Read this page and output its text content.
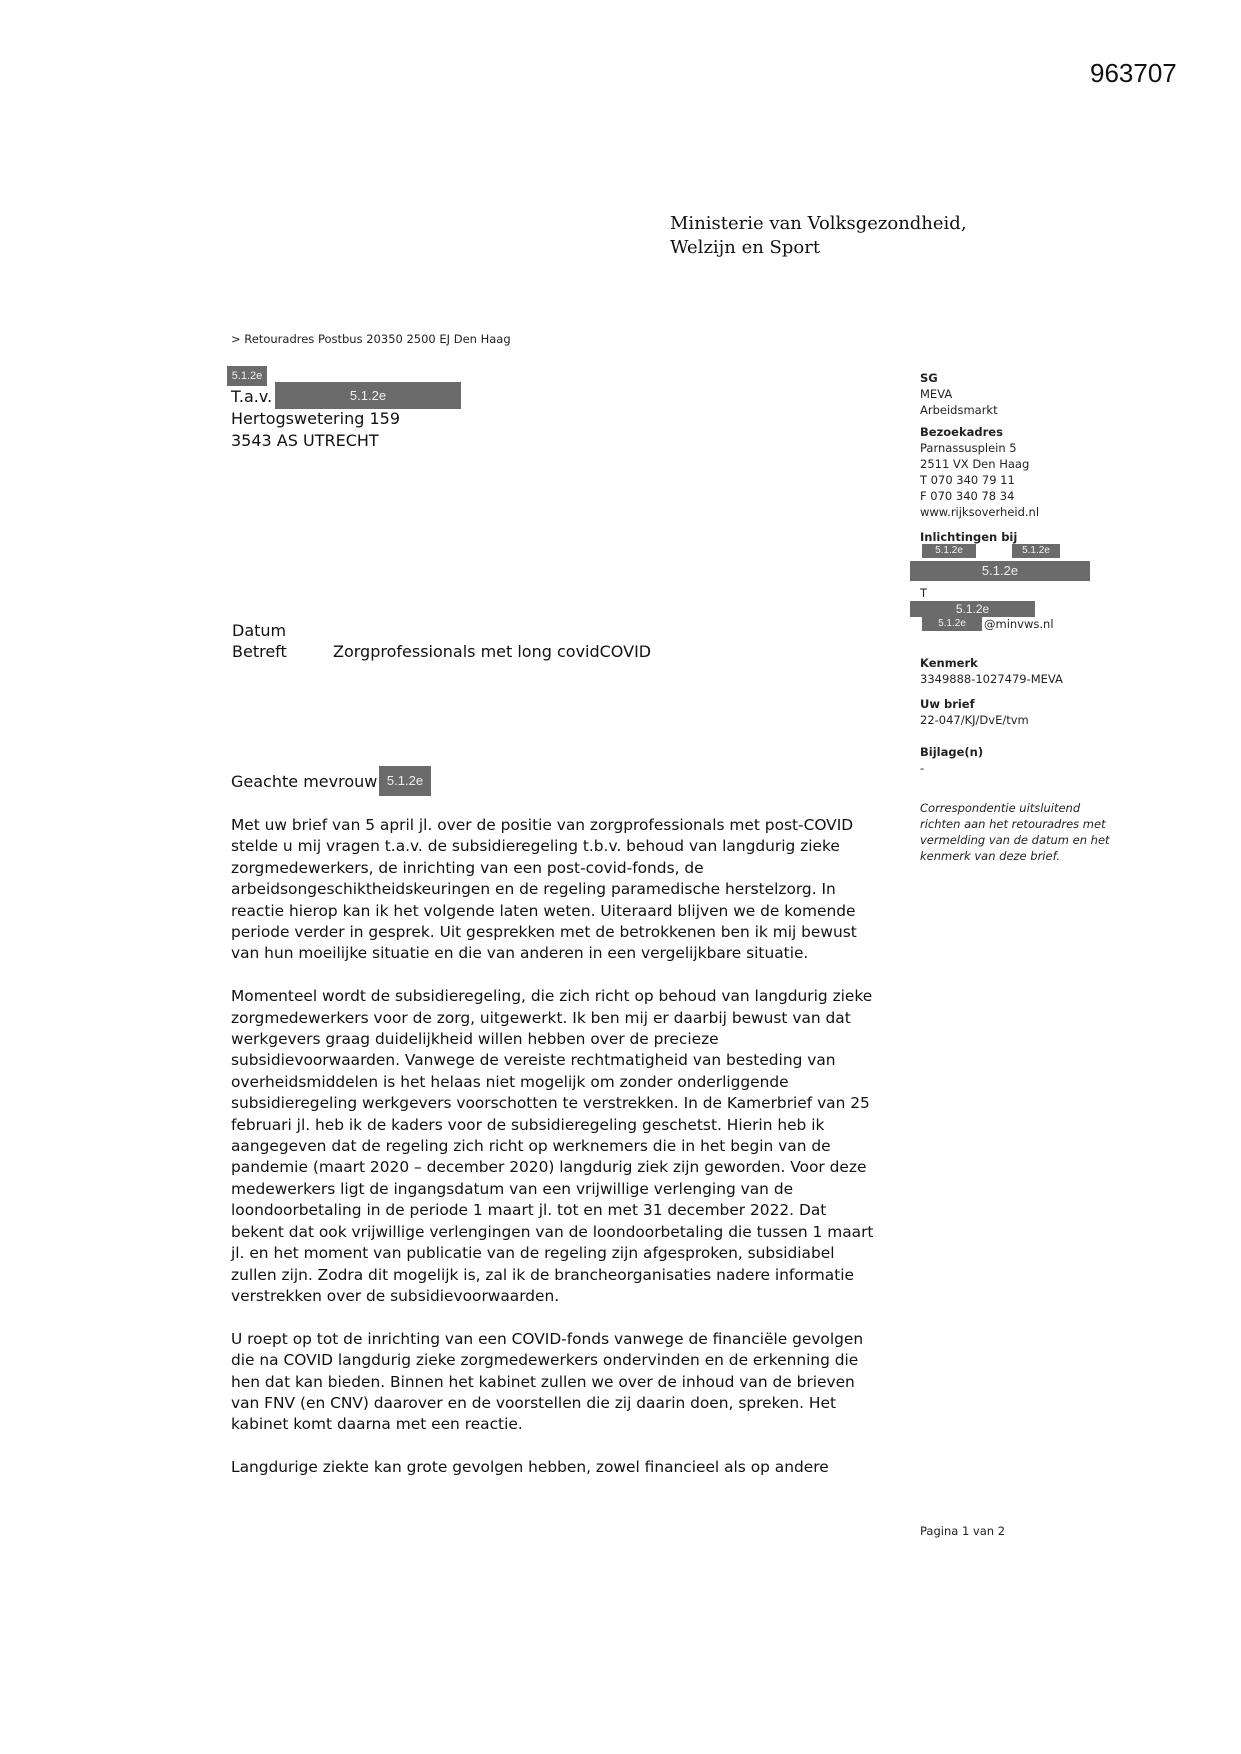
963707
Ministerie van Volksgezondheid,
Welzijn en Sport
> Retouradres Postbus 20350 2500 EJ Den Haag
5.1.2e
T.a.v.	5.1.2e
Hertogswetering 159
3543 AS UTRECHT
SG
MEVA
Arbeidsmarkt
Bezoekadres
Parnassusplein 5
2511 VX Den Haag
T 070 340 79 11
F 070 340 78 34
www.rijksoverheid.nl
Inlichtingen bij
5.1.2e	5.1.2e
5.1.2e
T
5.1.2e
5.1.2e	@minvws.nl
Kenmerk
3349888-1027479-MEVA
Uw brief
22-047/KJ/DvE/tvm
Bijlage(n)
-
Correspondentie uitsluitend richten aan het retouradres met vermelding van de datum en het kenmerk van deze brief.
Datum
Betreft	Zorgprofessionals met long covidCOVID
Geachte mevrouw 5.1.2e

Met uw brief van 5 april jl. over de positie van zorgprofessionals met post-COVID
stelde u mij vragen t.a.v. de subsidieregeling t.b.v. behoud van langdurig zieke
zorgmedewerkers, de inrichting van een post-covid-fonds, de
arbeidsongeschiktheidskeuringen en de regeling paramedische herstelzorg. In
reactie hierop kan ik het volgende laten weten. Uiteraard blijven we de komende
periode verder in gesprek. Uit gesprekken met de betrokkenen ben ik mij bewust
van hun moeilijke situatie en die van anderen in een vergelijkbare situatie.

Momenteel wordt de subsidieregeling, die zich richt op behoud van langdurig zieke
zorgmedewerkers voor de zorg, uitgewerkt. Ik ben mij er daarbij bewust van dat
werkgevers graag duidelijkheid willen hebben over de precieze
subsidievoorwaarden. Vanwege de vereiste rechtmatigheid van besteding van
overheidsmiddelen is het helaas niet mogelijk om zonder onderliggende
subsidieregeling werkgevers voorschotten te verstrekken. In de Kamerbrief van 25
februari jl. heb ik de kaders voor de subsidieregeling geschetst. Hierin heb ik
aangegeven dat de regeling zich richt op werknemers die in het begin van de
pandemie (maart 2020 – december 2020) langdurig ziek zijn geworden. Voor deze
medewerkers ligt de ingangsdatum van een vrijwillige verlenging van de
loondoorbetaling in de periode 1 maart jl. tot en met 31 december 2022. Dat
bekent dat ook vrijwillige verlengingen van de loondoorbetaling die tussen 1 maart
jl. en het moment van publicatie van de regeling zijn afgesproken, subsidiabel
zullen zijn. Zodra dit mogelijk is, zal ik de brancheorganisaties nadere informatie
verstrekken over de subsidievoorwaarden.

U roept op tot de inrichting van een COVID-fonds vanwege de financiële gevolgen
die na COVID langdurig zieke zorgmedewerkers ondervinden en de erkenning die
hen dat kan bieden. Binnen het kabinet zullen we over de inhoud van de brieven
van FNV (en CNV) daarover en de voorstellen die zij daarin doen, spreken. Het
kabinet komt daarna met een reactie.

Langdurige ziekte kan grote gevolgen hebben, zowel financieel als op andere

Pagina 1 van 2
